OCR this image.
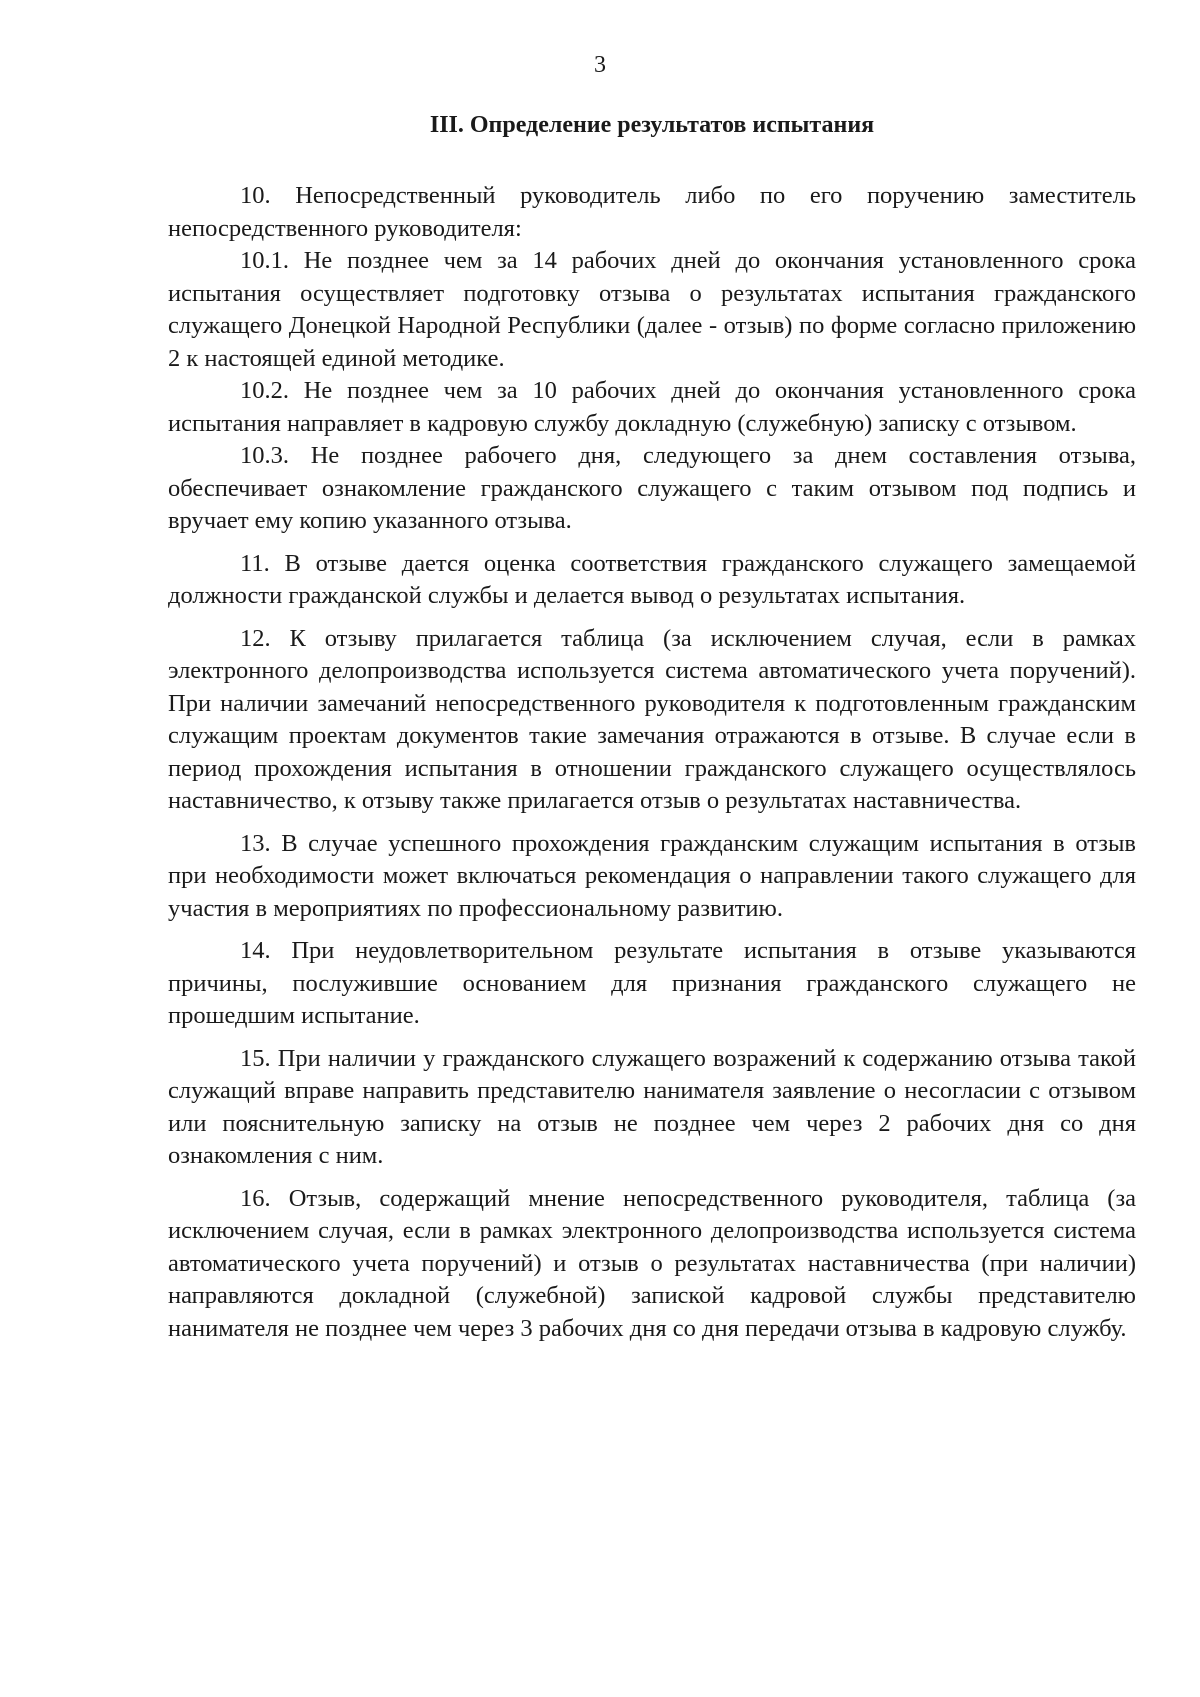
3
III. Определение результатов испытания

10. Непосредственный руководитель либо по его поручению заместитель непосредственного руководителя:

10.1. Не позднее чем за 14 рабочих дней до окончания установленного срока испытания осуществляет подготовку отзыва о результатах испытания гражданского служащего Донецкой Народной Республики (далее - отзыв) по форме согласно приложению 2 к настоящей единой методике.

10.2. Не позднее чем за 10 рабочих дней до окончания установленного срока испытания направляет в кадровую службу докладную (служебную) записку с отзывом.

10.3. Не позднее рабочего дня, следующего за днем составления отзыва, обеспечивает ознакомление гражданского служащего с таким отзывом под подпись и вручает ему копию указанного отзыва.

11. В отзыве дается оценка соответствия гражданского служащего замещаемой должности гражданской службы и делается вывод о результатах испытания.

12. К отзыву прилагается таблица (за исключением случая, если в рамках электронного делопроизводства используется система автоматического учета поручений). При наличии замечаний непосредственного руководителя к подготовленным гражданским служащим проектам документов такие замечания отражаются в отзыве. В случае если в период прохождения испытания в отношении гражданского служащего осуществлялось наставничество, к отзыву также прилагается отзыв о результатах наставничества.

13. В случае успешного прохождения гражданским служащим испытания в отзыв при необходимости может включаться рекомендация о направлении такого служащего для участия в мероприятиях по профессиональному развитию.

14. При неудовлетворительном результате испытания в отзыве указываются причины, послужившие основанием для признания гражданского служащего не прошедшим испытание.

15. При наличии у гражданского служащего возражений к содержанию отзыва такой служащий вправе направить представителю нанимателя заявление о несогласии с отзывом или пояснительную записку на отзыв не позднее чем через 2 рабочих дня со дня ознакомления с ним.

16. Отзыв, содержащий мнение непосредственного руководителя, таблица (за исключением случая, если в рамках электронного делопроизводства используется система автоматического учета поручений) и отзыв о результатах наставничества (при наличии) направляются докладной (служебной) запиской кадровой службы представителю нанимателя не позднее чем через 3 рабочих дня со дня передачи отзыва в кадровую службу.
